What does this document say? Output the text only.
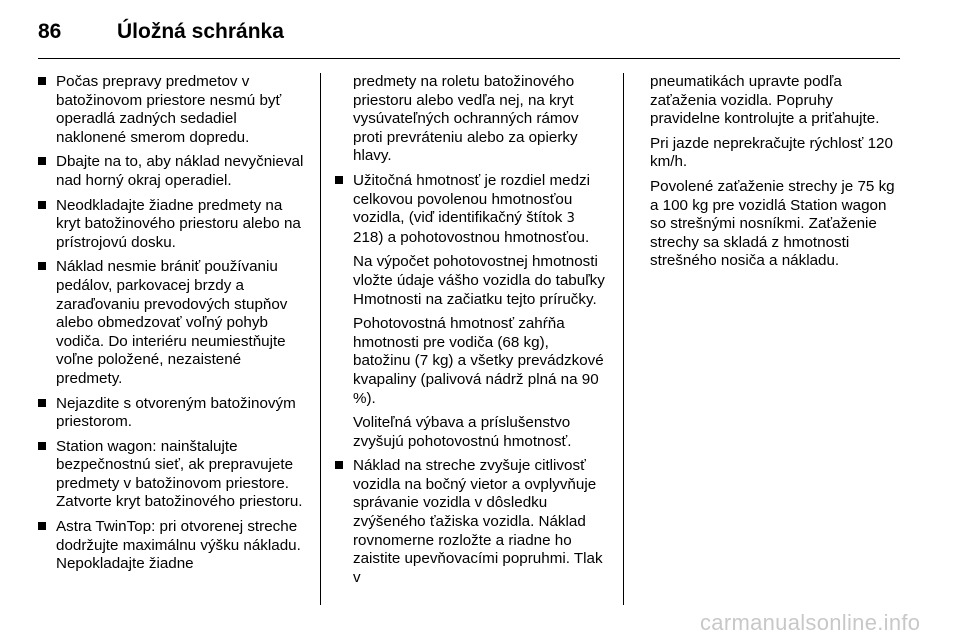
86	Úložná schránka
Počas prepravy predmetov v batožinovom priestore nesmú byť operadlá zadných sedadiel naklonené smerom dopredu.
Dbajte na to, aby náklad nevyčnieval nad horný okraj operadiel.
Neodkladajte žiadne predmety na kryt batožinového priestoru alebo na prístrojovú dosku.
Náklad nesmie brániť používaniu pedálov, parkovacej brzdy a zaraďovaniu prevodových stupňov alebo obmedzovať voľný pohyb vodiča. Do interiéru neumiestňujte voľne položené, nezaistené predmety.
Nejazdite s otvoreným batožinovým priestorom.
Station wagon: nainštalujte bezpečnostnú sieť, ak prepravujete predmety v batožinovom priestore. Zatvorte kryt batožinového priestoru.
Astra TwinTop: pri otvorenej streche dodržujte maximálnu výšku nákladu. Nepokladajte žiadne

predmety na roletu batožinového priestoru alebo vedľa nej, na kryt vysúvateľných ochranných rámov proti prevráteniu alebo za opierky hlavy.

Užitočná hmotnosť je rozdiel medzi celkovou povolenou hmotnosťou vozidla, (viď identifikačný štítok 3 218) a pohotovostnou hmotnosťou.

Na výpočet pohotovostnej hmotnosti vložte údaje vášho vozidla do tabuľky Hmotnosti na začiatku tejto príručky.

Pohotovostná hmotnosť zahŕňa hmotnosti pre vodiča (68 kg), batožinu (7 kg) a všetky prevádzkové kvapaliny (palivová nádrž plná na 90 %).

Voliteľná výbava a príslušenstvo zvyšujú pohotovostnú hmotnosť.

Náklad na streche zvyšuje citlivosť vozidla na bočný vietor a ovplyvňuje správanie vozidla v dôsledku zvýšeného ťažiska vozidla. Náklad rovnomerne rozložte a riadne ho zaistite upevňovacími popruhmi. Tlak v

pneumatikách upravte podľa zaťaženia vozidla. Popruhy pravidelne kontrolujte a priťahujte.

Pri jazde neprekračujte rýchlosť 120 km/h.

Povolené zaťaženie strechy je 75 kg a 100 kg pre vozidlá Station wagon so strešnými nosníkmi. Zaťaženie strechy sa skladá z hmotnosti strešného nosiča a nákladu.

carmanualsonline.info
